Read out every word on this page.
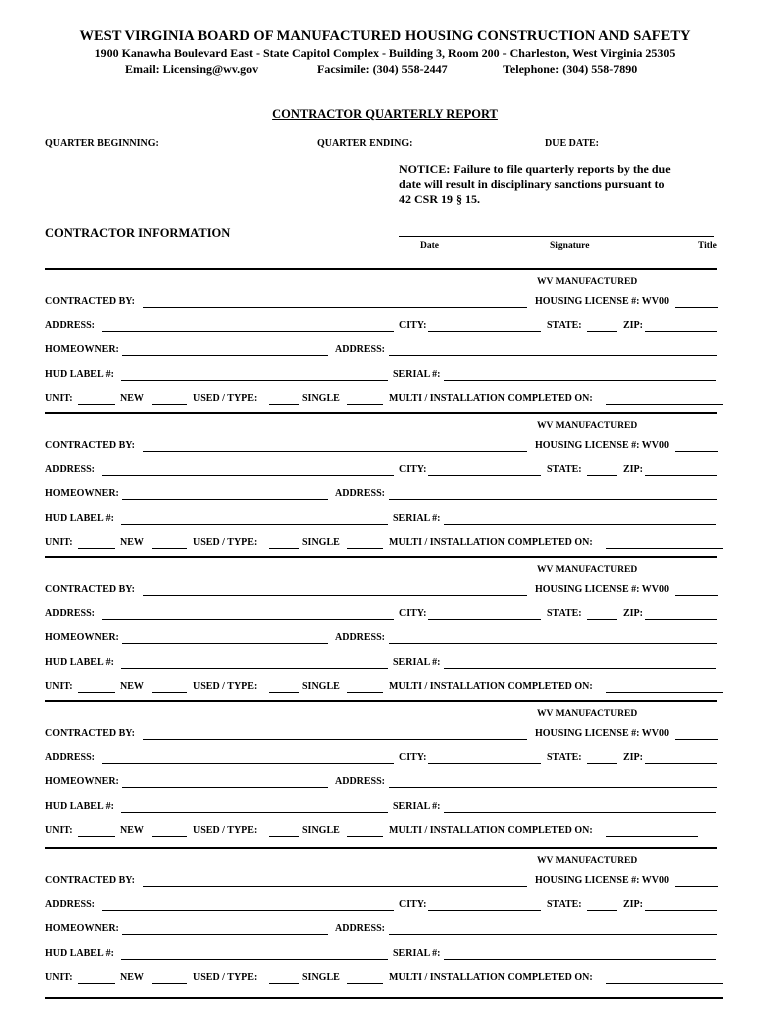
WEST VIRGINIA BOARD OF MANUFACTURED HOUSING CONSTRUCTION AND SAFETY
1900 Kanawha Boulevard East - State Capitol Complex - Building 3, Room 200 - Charleston, West Virginia 25305
Email: Licensing@wv.gov	Facsimile: (304) 558-2447	Telephone: (304) 558-7890
CONTRACTOR QUARTERLY REPORT
QUARTER BEGINNING:	QUARTER ENDING:	DUE DATE:
NOTICE: Failure to file quarterly reports by the due
date will result in disciplinary sanctions pursuant to
42 CSR 19 § 15.
CONTRACTOR INFORMATION
Date	Signature	Title
WV MANUFACTURED
CONTRACTED BY:	HOUSING LICENSE #: WV00
ADDRESS:	CITY:	STATE:	ZIP:
HOMEOWNER:	ADDRESS:
HUD LABEL #:	SERIAL #:
UNIT:	NEW	USED / TYPE:	SINGLE	MULTI / INSTALLATION COMPLETED ON:
WV MANUFACTURED
CONTRACTED BY:	HOUSING LICENSE #: WV00
ADDRESS:	CITY:	STATE:	ZIP:
HOMEOWNER:	ADDRESS:
HUD LABEL #:	SERIAL #:
UNIT:	NEW	USED / TYPE:	SINGLE	MULTI / INSTALLATION COMPLETED ON:
WV MANUFACTURED
CONTRACTED BY:	HOUSING LICENSE #: WV00
ADDRESS:	CITY:	STATE:	ZIP:
HOMEOWNER:	ADDRESS:
HUD LABEL #:	SERIAL #:
UNIT:	NEW	USED / TYPE:	SINGLE	MULTI / INSTALLATION COMPLETED ON:
WV MANUFACTURED
CONTRACTED BY:	HOUSING LICENSE #: WV00
ADDRESS:	CITY:	STATE:	ZIP:
HOMEOWNER:	ADDRESS:
HUD LABEL #:	SERIAL #:
UNIT:	NEW	USED / TYPE:	SINGLE	MULTI / INSTALLATION COMPLETED ON:
WV MANUFACTURED
CONTRACTED BY:	HOUSING LICENSE #: WV00
ADDRESS:	CITY:	STATE:	ZIP:
HOMEOWNER:	ADDRESS:
HUD LABEL #:	SERIAL #:
UNIT:	NEW	USED / TYPE:	SINGLE	MULTI / INSTALLATION COMPLETED ON:
